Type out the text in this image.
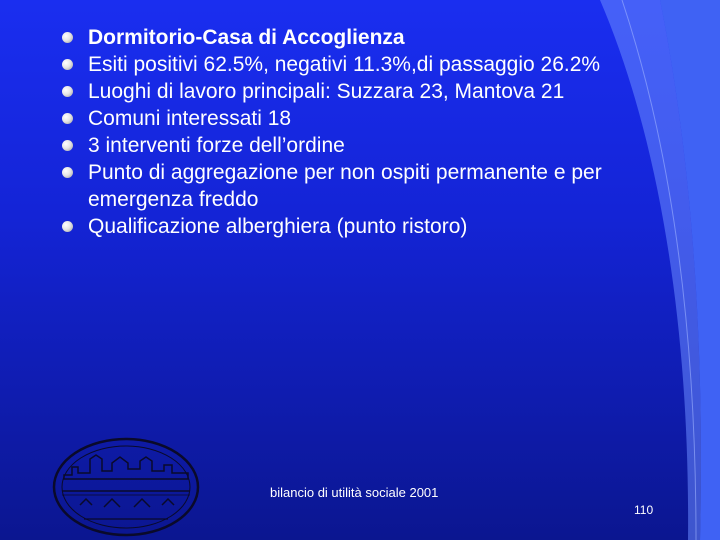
Dormitorio-Casa di Accoglienza
Esiti positivi 62.5%, negativi 11.3%,di passaggio 26.2%
Luoghi di lavoro principali: Suzzara 23, Mantova 21
Comuni interessati 18
3 interventi forze dell’ordine
Punto di aggregazione per non ospiti permanente e per emergenza freddo
Qualificazione alberghiera (punto ristoro)
bilancio di utilità sociale 2001
110
